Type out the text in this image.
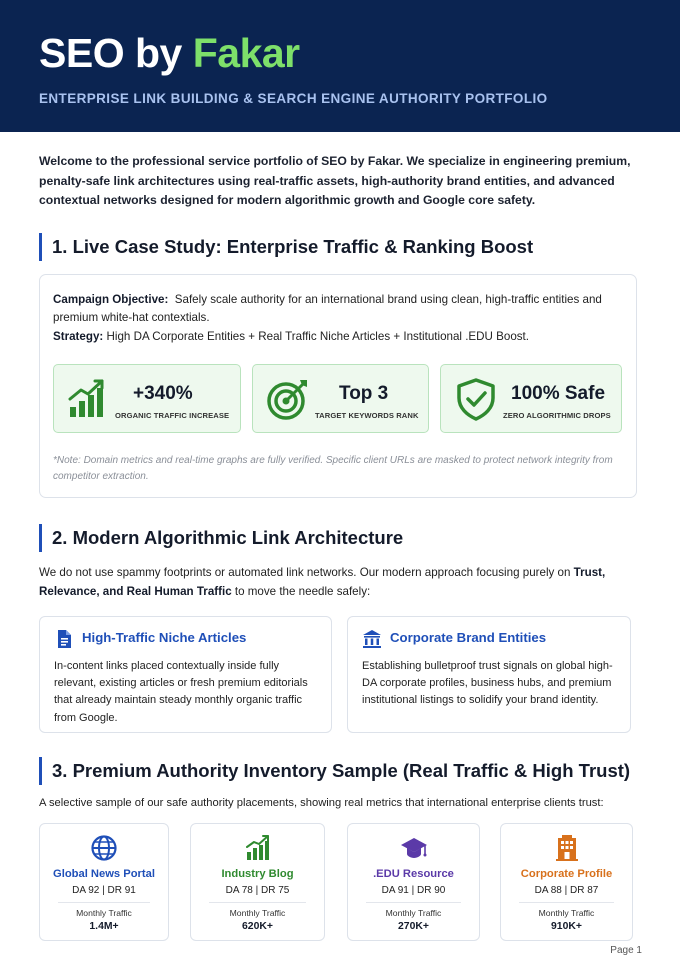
SEO by Fakar
ENTERPRISE LINK BUILDING & SEARCH ENGINE AUTHORITY PORTFOLIO

Welcome to the professional service portfolio of SEO by Fakar. We specialize in engineering premium, penalty-safe link architectures using real-traffic assets, high-authority brand entities, and advanced contextual networks designed for modern algorithmic growth and Google core safety.

1. Live Case Study: Enterprise Traffic & Ranking Boost

Campaign Objective: Safely scale authority for an international brand using clean, high-traffic entities and premium white-hat contextials.

Strategy: High DA Corporate Entities + Real Traffic Niche Articles + Institutional .EDU Boost.

+340%
ORGANIC TRAFFIC INCREASE
Top 3
TARGET KEYWORDS RANK
100% Safe
ZERO ALGORITHMIC DROPS

*Note: Domain metrics and real-time graphs are fully verified. Specific client URLs are masked to protect network integrity from competitor extraction.

2. Modern Algorithmic Link Architecture

We do not use spammy footprints or automated link networks. Our modern approach focusing purely on Trust, Relevance, and Real Human Traffic to move the needle safely:

High-Traffic Niche Articles

In-content links placed contextually inside fully relevant, existing articles or fresh premium editorials that already maintain steady monthly organic traffic from Google.

Corporate Brand Entities

Establishing bulletproof trust signals on global high-DA corporate profiles, business hubs, and premium institutional listings to solidify your brand identity.

3. Premium Authority Inventory Sample (Real Traffic & High Trust)

A selective sample of our safe authority placements, showing real metrics that international enterprise clients trust:

Global News Portal
DA 92 | DR 91
Monthly Traffic
1.4M+
Industry Blog
DA 78 | DR 75
Monthly Traffic
620K+
.EDU Resource
DA 91 | DR 90
Monthly Traffic
270K+
Corporate Profile
DA 88 | DR 87
Monthly Traffic
910K+
Page 1
